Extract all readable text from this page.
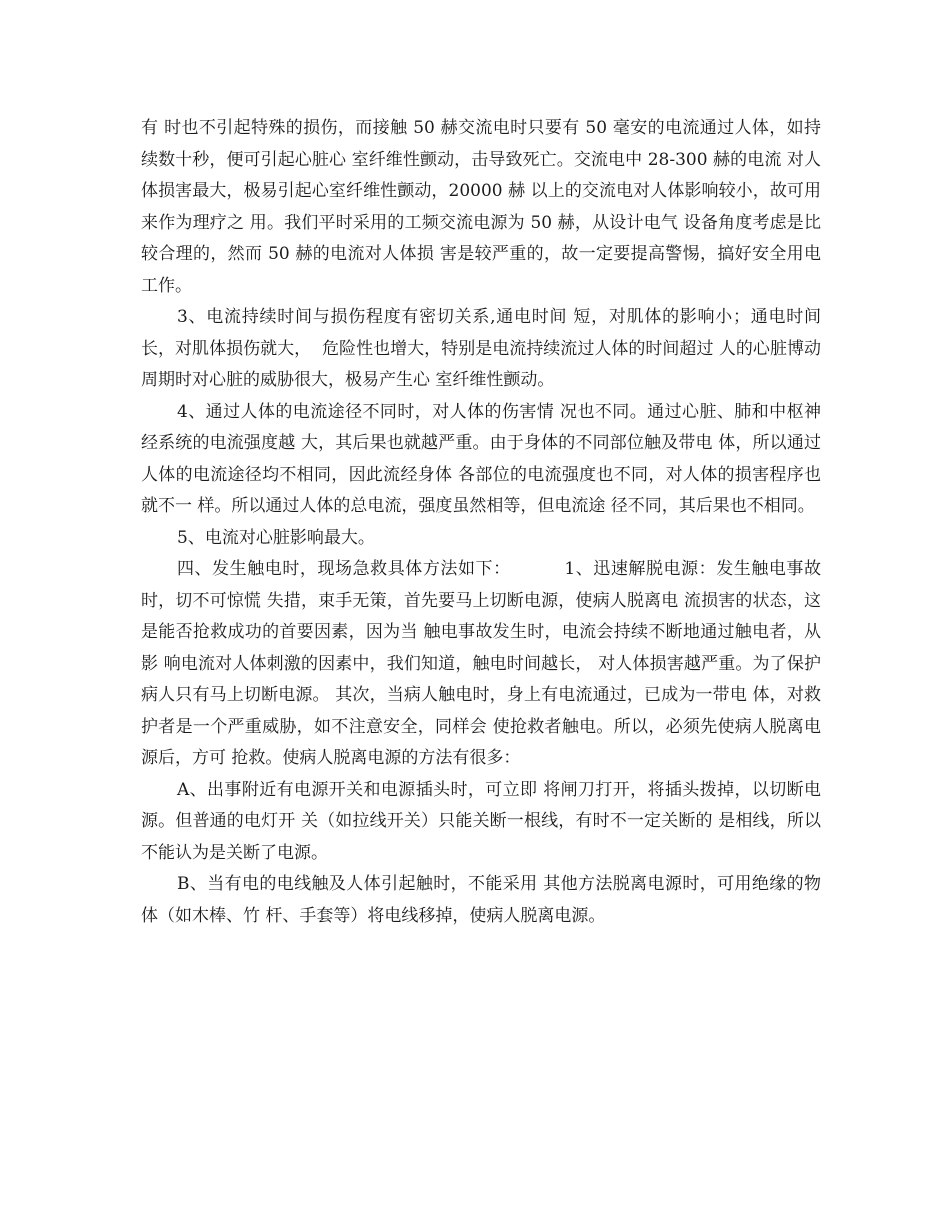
有 时也不引起特殊的损伤，而接触 50 赫交流电时只要有 50 毫安的电流通过人体，如持续数十秒，便可引起心脏心 室纤维性颤动，击导致死亡。交流电中 28-300 赫的电流 对人体损害最大，极易引起心室纤维性颤动，20000 赫 以上的交流电对人体影响较小，故可用来作为理疗之 用。我们平时采用的工频交流电源为 50 赫，从设计电气 设备角度考虑是比较合理的，然而 50 赫的电流对人体损 害是较严重的，故一定要提高警惕，搞好安全用电工作。

3、电流持续时间与损伤程度有密切关系,通电时间 短，对肌体的影响小；通电时间长，对肌体损伤就大，  危险性也增大，特别是电流持续流过人体的时间超过 人的心脏博动周期时对心脏的威胁很大，极易产生心 室纤维性颤动。

4、通过人体的电流途径不同时，对人体的伤害情 况也不同。通过心脏、肺和中枢神经系统的电流强度越 大，其后果也就越严重。由于身体的不同部位触及带电 体，所以通过人体的电流途径均不相同，因此流经身体 各部位的电流强度也不同，对人体的损害程序也就不一 样。所以通过人体的总电流，强度虽然相等，但电流途 径不同，其后果也不相同。

5、电流对心脏影响最大。

四、发生触电时，现场急救具体方法如下：         1、迅速解脱电源：发生触电事故时，切不可惊慌 失措，束手无策，首先要马上切断电源，使病人脱离电 流损害的状态，这是能否抢救成功的首要因素，因为当 触电事故发生时，电流会持续不断地通过触电者，从影 响电流对人体刺激的因素中，我们知道，触电时间越长， 对人体损害越严重。为了保护病人只有马上切断电源。 其次，当病人触电时，身上有电流通过，已成为一带电 体，对救护者是一个严重威胁，如不注意安全，同样会 使抢救者触电。所以，必须先使病人脱离电源后，方可 抢救。使病人脱离电源的方法有很多：

A、出事附近有电源开关和电源插头时，可立即 将闸刀打开，将插头拨掉，以切断电源。但普通的电灯开 关（如拉线开关）只能关断一根线，有时不一定关断的 是相线，所以不能认为是关断了电源。

B、当有电的电线触及人体引起触时，不能采用 其他方法脱离电源时，可用绝缘的物体（如木棒、竹 杆、手套等）将电线移掉，使病人脱离电源。
